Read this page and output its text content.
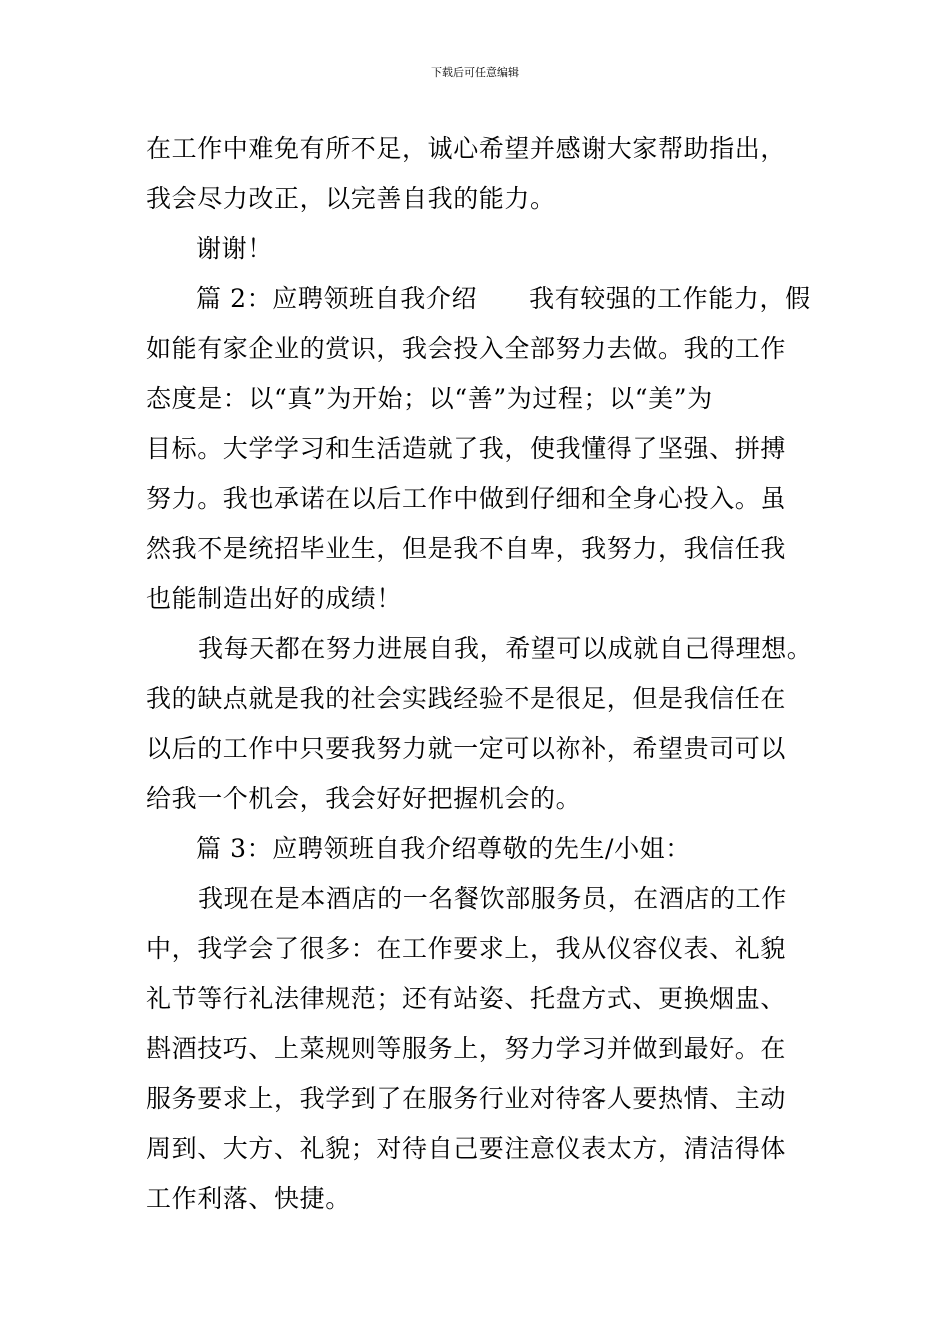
下载后可任意编辑
在工作中难免有所不足，诚心希望并感谢大家帮助指出，
我会尽力改正，以完善自我的能力。
谢谢！
篇 2：应聘领班自我介绍 我有较强的工作能力，假
如能有家企业的赏识，我会投入全部努力去做。我的工作
态度是：以“真”为开始；以“善”为过程；以“美”为
目标。大学学习和生活造就了我，使我懂得了坚强、拼搏
努力。我也承诺在以后工作中做到仔细和全身心投入。虽
然我不是统招毕业生，但是我不自卑，我努力，我信任我
也能制造出好的成绩！
我每天都在努力进展自我，希望可以成就自己得理想。
我的缺点就是我的社会实践经验不是很足，但是我信任在
以后的工作中只要我努力就一定可以祢补，希望贵司可以
给我一个机会，我会好好把握机会的。
篇 3：应聘领班自我介绍尊敬的先生/小姐：
我现在是本酒店的一名餐饮部服务员，在酒店的工作
中，我学会了很多：在工作要求上，我从仪容仪表、礼貌
礼节等行礼法律规范；还有站姿、托盘方式、更换烟盅、
斟酒技巧、上菜规则等服务上，努力学习并做到最好。在
服务要求上，我学到了在服务行业对待客人要热情、主动
周到、大方、礼貌；对待自己要注意仪表太方，清洁得体
工作利落、快捷。
